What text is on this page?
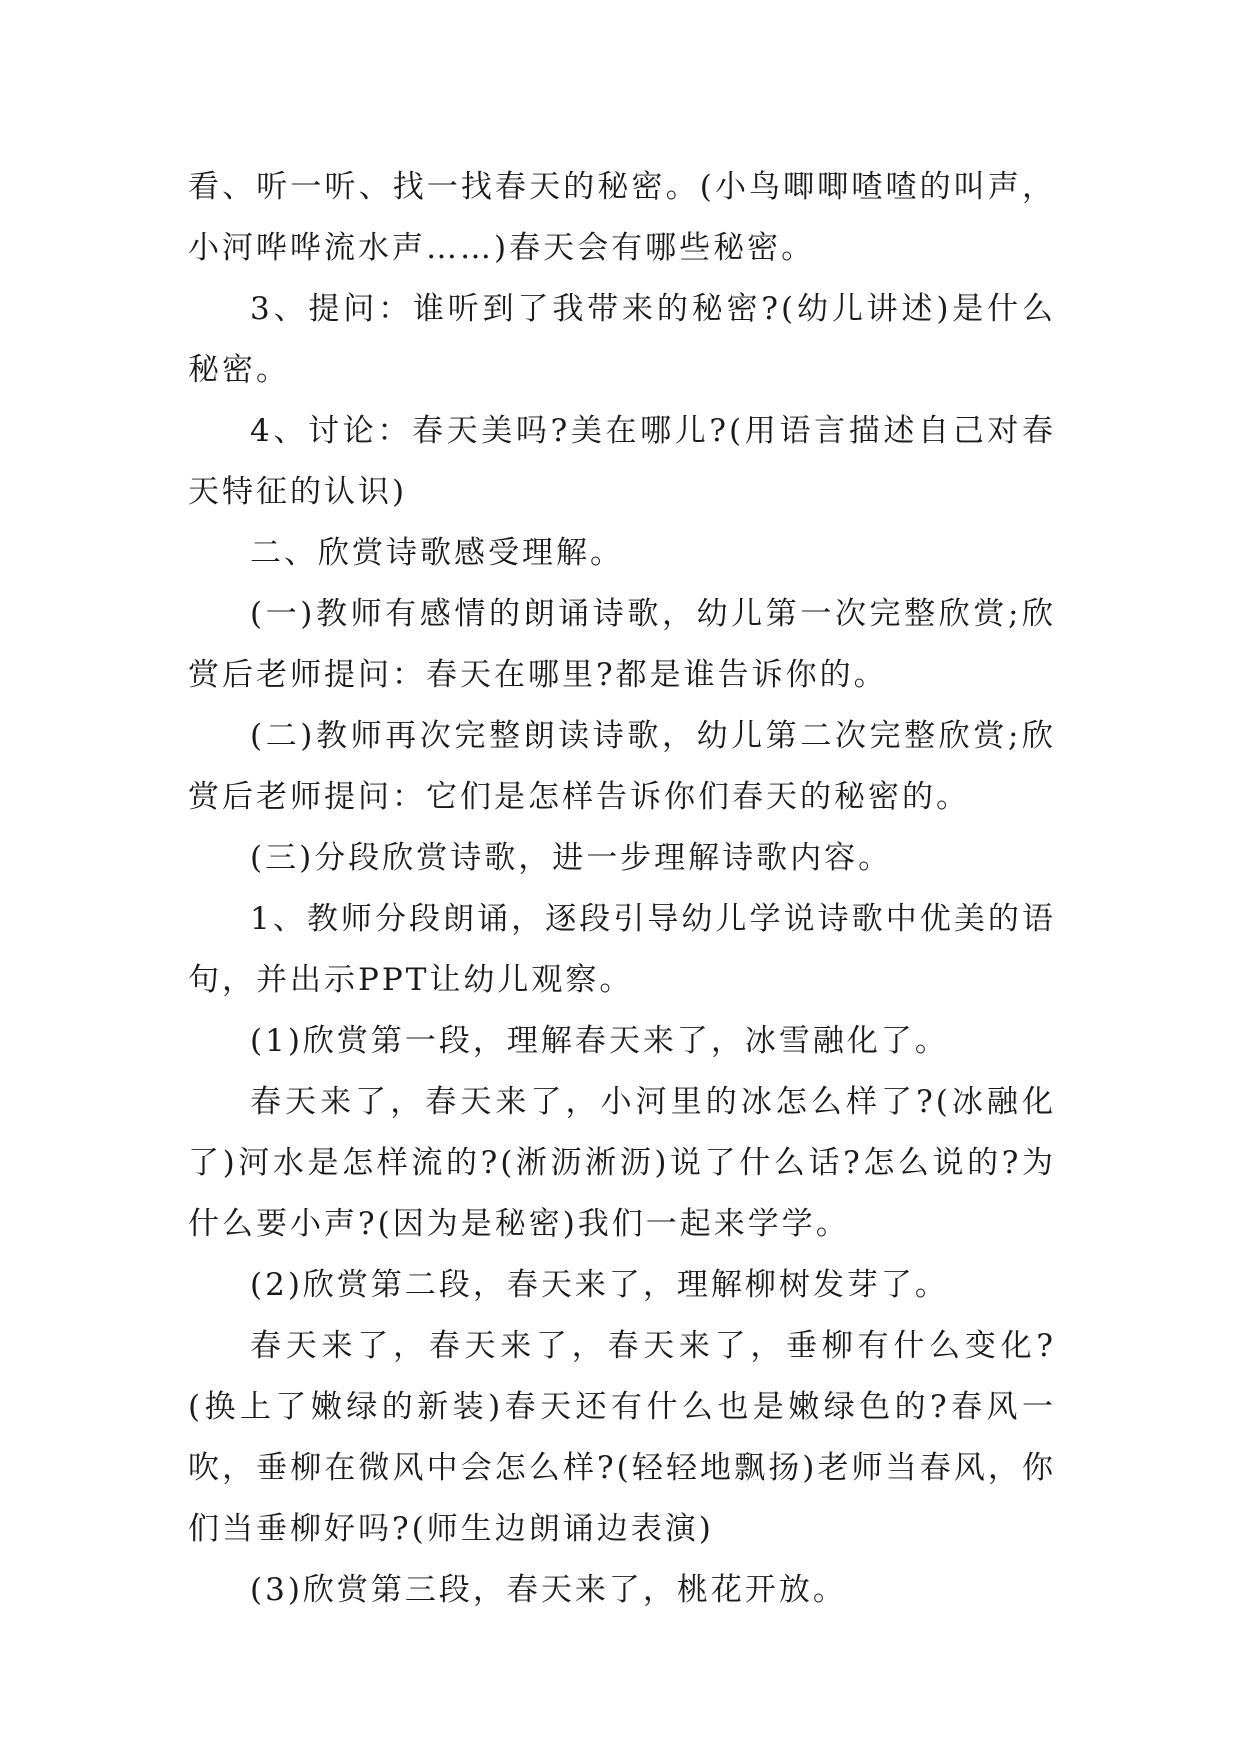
看、听一听、找一找春天的秘密。(小鸟唧唧喳喳的叫声，小河哗哗流水声……)春天会有哪些秘密。

3、提问：谁听到了我带来的秘密?(幼儿讲述)是什么秘密。

4、讨论：春天美吗?美在哪儿?(用语言描述自己对春天特征的认识)

二、欣赏诗歌感受理解。

(一)教师有感情的朗诵诗歌，幼儿第一次完整欣赏;欣赏后老师提问：春天在哪里?都是谁告诉你的。

(二)教师再次完整朗读诗歌，幼儿第二次完整欣赏;欣赏后老师提问：它们是怎样告诉你们春天的秘密的。

(三)分段欣赏诗歌，进一步理解诗歌内容。

1、教师分段朗诵，逐段引导幼儿学说诗歌中优美的语句，并出示PPT让幼儿观察。

(1)欣赏第一段，理解春天来了，冰雪融化了。

春天来了，春天来了，小河里的冰怎么样了?(冰融化了)河水是怎样流的?(淅沥淅沥)说了什么话?怎么说的?为什么要小声?(因为是秘密)我们一起来学学。

(2)欣赏第二段，春天来了，理解柳树发芽了。

春天来了，春天来了，春天来了，垂柳有什么变化?(换上了嫩绿的新装)春天还有什么也是嫩绿色的?春风一吹，垂柳在微风中会怎么样?(轻轻地飘扬)老师当春风，你们当垂柳好吗?(师生边朗诵边表演)

(3)欣赏第三段，春天来了，桃花开放。
